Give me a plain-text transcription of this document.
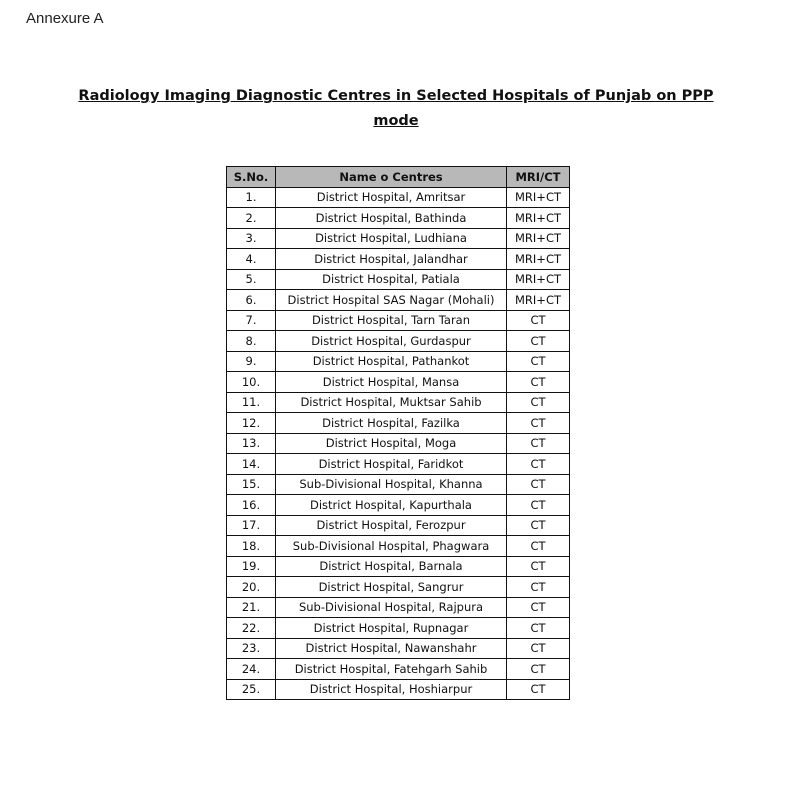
Annexure A
Radiology Imaging Diagnostic Centres in Selected Hospitals of Punjab on PPP mode
S.No.	Name o Centres	MRI/CT
1.	District Hospital, Amritsar	MRI+CT
2.	District Hospital, Bathinda	MRI+CT
3.	District Hospital, Ludhiana	MRI+CT
4.	District Hospital, Jalandhar	MRI+CT
5.	District Hospital, Patiala	MRI+CT
6.	District Hospital SAS Nagar (Mohali)	MRI+CT
7.	District Hospital, Tarn Taran	CT
8.	District Hospital, Gurdaspur	CT
9.	District Hospital, Pathankot	CT
10.	District Hospital, Mansa	CT
11.	District Hospital, Muktsar Sahib	CT
12.	District Hospital, Fazilka	CT
13.	District Hospital, Moga	CT
14.	District Hospital, Faridkot	CT
15.	Sub-Divisional Hospital, Khanna	CT
16.	District Hospital, Kapurthala	CT
17.	District Hospital, Ferozpur	CT
18.	Sub-Divisional Hospital, Phagwara	CT
19.	District Hospital, Barnala	CT
20.	District Hospital, Sangrur	CT
21.	Sub-Divisional Hospital, Rajpura	CT
22.	District Hospital, Rupnagar	CT
23.	District Hospital, Nawanshahr	CT
24.	District Hospital, Fatehgarh Sahib	CT
25.	District Hospital, Hoshiarpur	CT
